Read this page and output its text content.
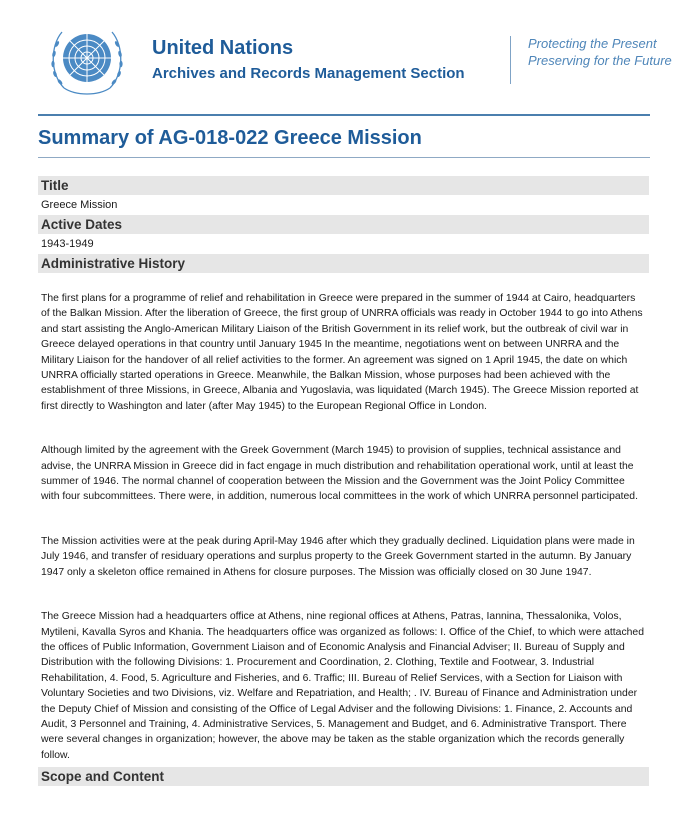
United Nations
Archives and Records Management Section
Protecting the Present
Preserving for the Future
Summary of AG-018-022 Greece Mission
Title
Greece Mission
Active Dates
1943-1949
Administrative History

The first plans for a programme of relief and rehabilitation in Greece were prepared in the summer of 1944 at Cairo, headquarters of the Balkan Mission. After the liberation of Greece, the first group of UNRRA officials was ready in October 1944 to go into Athens and start assisting the Anglo-American Military Liaison of the British Government in its relief work, but the outbreak of civil war in Greece delayed operations in that country until January 1945 In the meantime, negotiations went on between UNRRA and the Military Liaison for the handover of all relief activities to the former. An agreement was signed on 1 April 1945, the date on which UNRRA officially started operations in Greece. Meanwhile, the Balkan Mission, whose purposes had been achieved with the establishment of three Missions, in Greece, Albania and Yugoslavia, was liquidated (March 1945). The Greece Mission reported at first directly to Washington and later (after May 1945) to the European Regional Office in London.

Although limited by the agreement with the Greek Government (March 1945) to provision of supplies, technical assistance and advise, the UNRRA Mission in Greece did in fact engage in much distribution and rehabilitation operational work, until at least the summer of 1946. The normal channel of cooperation between the Mission and the Government was the Joint Policy Committee with four subcommittees. There were, in addition, numerous local committees in the work of which UNRRA personnel participated.

The Mission activities were at the peak during April-May 1946 after which they gradually declined. Liquidation plans were made in July 1946, and transfer of residuary operations and surplus property to the Greek Government started in the autumn. By January 1947 only a skeleton office remained in Athens for closure purposes. The Mission was officially closed on 30 June 1947.

The Greece Mission had a headquarters office at Athens, nine regional offices at Athens, Patras, Iannina, Thessalonika, Volos, Mytileni, Kavalla Syros and Khania. The headquarters office was organized as follows: I. Office of the Chief, to which were attached the offices of Public Information, Government Liaison and of Economic Analysis and Financial Adviser; II. Bureau of Supply and Distribution with the following Divisions: 1. Procurement and Coordination, 2. Clothing, Textile and Footwear, 3. Industrial Rehabilitation, 4. Food, 5. Agriculture and Fisheries, and 6. Traffic; III. Bureau of Relief Services, with a Section for Liaison with Voluntary Societies and two Divisions, viz. Welfare and Repatriation, and Health; . IV. Bureau of Finance and Administration under the Deputy Chief of Mission and consisting of the Office of Legal Adviser and the following Divisions: 1. Finance, 2. Accounts and Audit, 3 Personnel and Training, 4. Administrative Services, 5. Management and Budget, and 6. Administrative Transport. There were several changes in organization; however, the above may be taken as the stable organization which the records generally follow.

Scope and Content
